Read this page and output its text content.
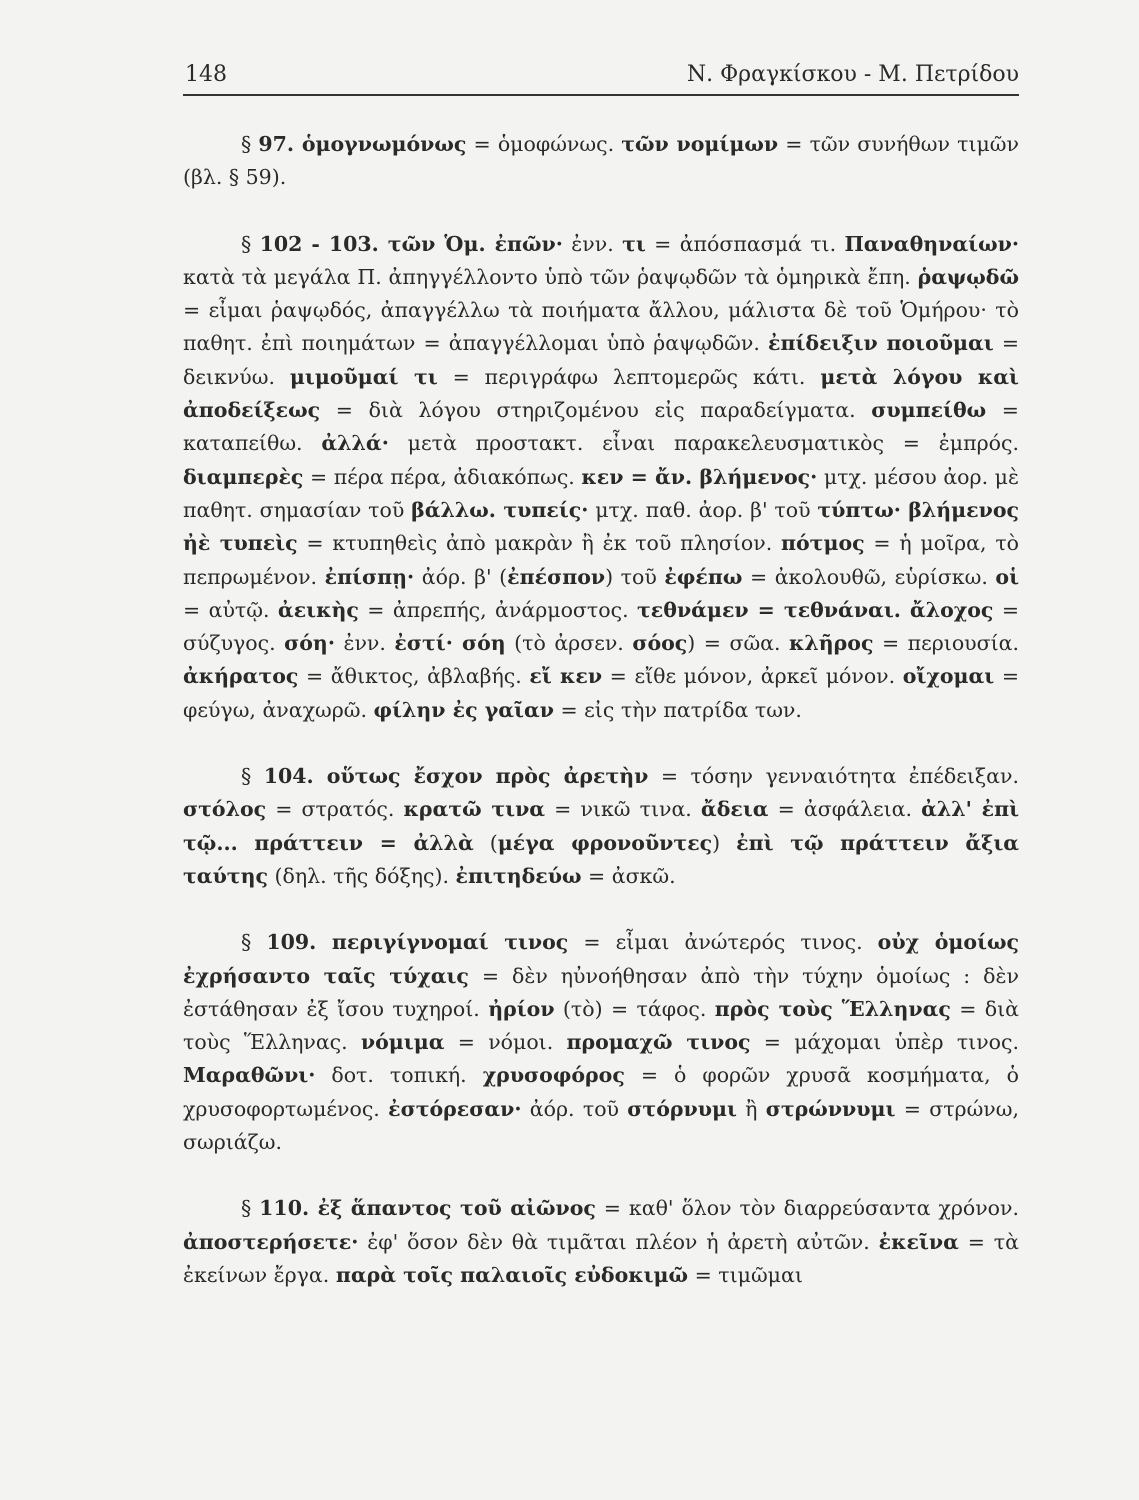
148	Ν. Φραγκίσκου - Μ. Πετρίδου

§ 97. ὁμογνωμόνως = ὁμοφώνως. τῶν νομίμων = τῶν συνήθων τιμῶν (βλ. § 59).

§ 102 - 103. τῶν Ὁμ. ἐπῶν· ἐνν. τι = ἀπόσπασμά τι. Παναθηναίων· κατὰ τὰ μεγάλα Π. ἀπηγγέλλοντο ὑπὸ τῶν ῥαψῳδῶν τὰ ὁμηρικὰ ἔπη. ῥαψῳδῶ = εἶμαι ῥαψῳδός, ἀπαγγέλλω τὰ ποιήματα ἄλλου, μάλιστα δὲ τοῦ Ὁμήρου· τὸ παθητ. ἐπὶ ποιημάτων = ἀπαγγέλλομαι ὑπὸ ῥαψῳδῶν. ἐπίδειξιν ποιοῦμαι = δεικνύω. μιμοῦμαί τι = περιγράφω λεπτομερῶς κάτι. μετὰ λόγου καὶ ἀποδείξεως = διὰ λόγου στηριζομένου εἰς παραδείγματα. συμπείθω = καταπείθω. ἀλλά· μετὰ προστακτ. εἶναι παρακελευσματικὸς = ἐμπρός. διαμπερὲς = πέρα πέρα, ἀδιακόπως. κεν = ἄν. βλήμενος· μτχ. μέσου ἀορ. μὲ παθητ. σημασίαν τοῦ βάλλω. τυπείς· μτχ. παθ. ἀορ. β' τοῦ τύπτω· βλήμενος ἠὲ τυπεὶς = κτυπηθεὶς ἀπὸ μακρὰν ἢ ἐκ τοῦ πλησίον. πότμος = ἡ μοῖρα, τὸ πεπρωμένον. ἐπίσπῃ· ἀόρ. β' (ἐπέσπον) τοῦ ἐφέπω = ἀκολουθῶ, εὑρίσκω. οἱ = αὐτῷ. ἀεικὴς = ἀπρεπής, ἀνάρμοστος. τεθνάμεν = τεθνάναι. ἄλοχος = σύζυγος. σόη· ἐνν. ἐστί· σόη (τὸ ἀρσεν. σόος) = σῶα. κλῆρος = περιουσία. ἀκήρατος = ἄθικτος, ἀβλαβής. εἴ κεν = εἴθε μόνον, ἀρκεῖ μόνον. οἴχομαι = φεύγω, ἀναχωρῶ. φίλην ἐς γαῖαν = εἰς τὴν πατρίδα των.

§ 104. οὕτως ἔσχον πρὸς ἀρετὴν = τόσην γενναιότητα ἐπέδειξαν. στόλος = στρατός. κρατῶ τινα = νικῶ τινα. ἄδεια = ἀσφάλεια. ἀλλ' ἐπὶ τῷ... πράττειν = ἀλλὰ (μέγα φρονοῦντες) ἐπὶ τῷ πράττειν ἄξια ταύτης (δηλ. τῆς δόξης). ἐπιτηδεύω = ἀσκῶ.

§ 109. περιγίγνομαί τινος = εἶμαι ἀνώτερός τινος. οὐχ ὁμοίως ἐχρήσαντο ταῖς τύχαις = δὲν ηὐνοήθησαν ἀπὸ τὴν τύχην ὁμοίως : δὲν ἐστάθησαν ἐξ ἴσου τυχηροί. ἠρίον (τὸ) = τάφος. πρὸς τοὺς Ἕλληνας = διὰ τοὺς Ἕλληνας. νόμιμα = νόμοι. προμαχῶ τινος = μάχομαι ὑπὲρ τινος. Μαραθῶνι· δοτ. τοπική. χρυσοφόρος = ὁ φορῶν χρυσᾶ κοσμήματα, ὁ χρυσοφορτωμένος. ἐστόρεσαν· ἀόρ. τοῦ στόρνυμι ἢ στρώννυμι = στρώνω, σωριάζω.

§ 110. ἐξ ἅπαντος τοῦ αἰῶνος = καθ' ὅλον τὸν διαρρεύσαντα χρόνον. ἀποστερήσετε· ἐφ' ὅσον δὲν θὰ τιμᾶται πλέον ἡ ἀρετὴ αὐτῶν. ἐκεῖνα = τὰ ἐκείνων ἔργα. παρὰ τοῖς παλαιοῖς εὐδοκιμῶ = τιμῶμαι
